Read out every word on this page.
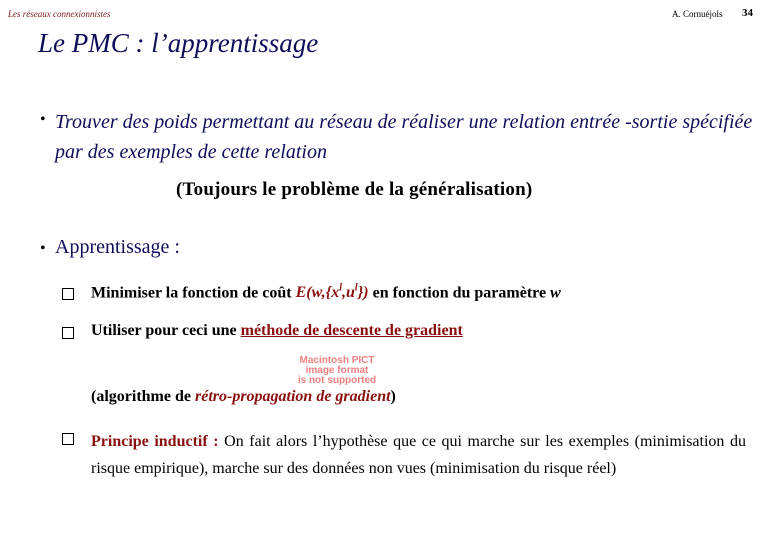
Les réseaux connexionnistes	A. Cornuéjols 34
Le PMC : l’apprentissage
• Trouver des poids permettant au réseau de réaliser une relation entrée -sortie spécifiée par des exemples de cette relation
(Toujours le problème de la généralisation)
• Apprentissage :
Minimiser la fonction de coût $E(w,\{x^l,u^l\})$ en fonction du paramètre w
Utiliser pour ceci une méthode de descente de gradient
Macintosh PICT
image format
is not supported
(algorithme de rétro-propagation de gradient)
Principe inductif : On fait alors l’hypothèse que ce qui marche sur les exemples (minimisation du risque empirique), marche sur des données non vues (minimisation du risque réel)
